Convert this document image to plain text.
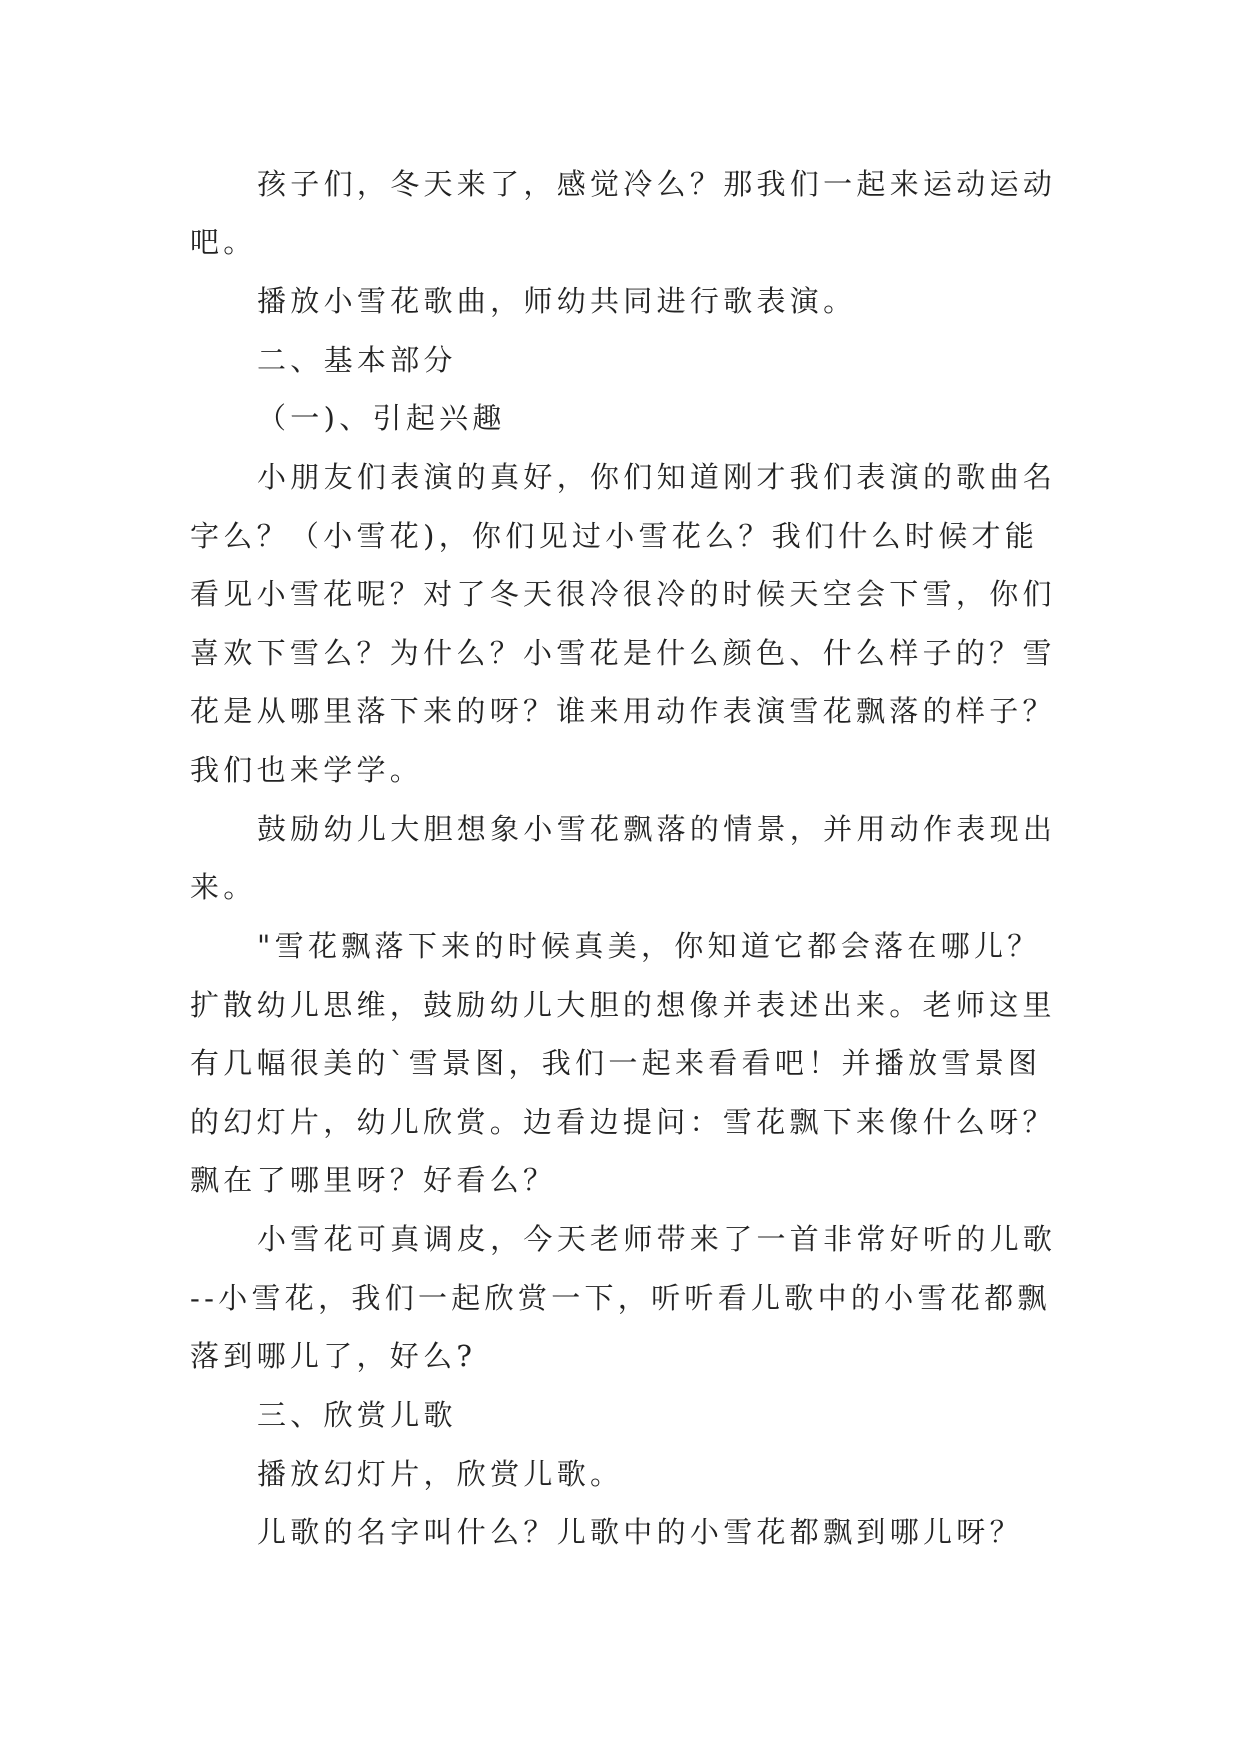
孩子们，冬天来了，感觉冷么？那我们一起来运动运动
吧。
播放小雪花歌曲，师幼共同进行歌表演。
二、基本部分
（一)、引起兴趣
小朋友们表演的真好，你们知道刚才我们表演的歌曲名
字么？（小雪花)，你们见过小雪花么？我们什么时候才能
看见小雪花呢？对了冬天很冷很冷的时候天空会下雪，你们
喜欢下雪么？为什么？小雪花是什么颜色、什么样子的？雪
花是从哪里落下来的呀？谁来用动作表演雪花飘落的样子？
我们也来学学。
鼓励幼儿大胆想象小雪花飘落的情景，并用动作表现出
来。
"雪花飘落下来的时候真美，你知道它都会落在哪儿？
扩散幼儿思维，鼓励幼儿大胆的想像并表述出来。老师这里
有几幅很美的`雪景图，我们一起来看看吧！并播放雪景图
的幻灯片，幼儿欣赏。边看边提问：雪花飘下来像什么呀？
飘在了哪里呀？好看么？
小雪花可真调皮，今天老师带来了一首非常好听的儿歌
--小雪花，我们一起欣赏一下，听听看儿歌中的小雪花都飘
落到哪儿了，好么?
三、欣赏儿歌
播放幻灯片，欣赏儿歌。
儿歌的名字叫什么？儿歌中的小雪花都飘到哪儿呀？
